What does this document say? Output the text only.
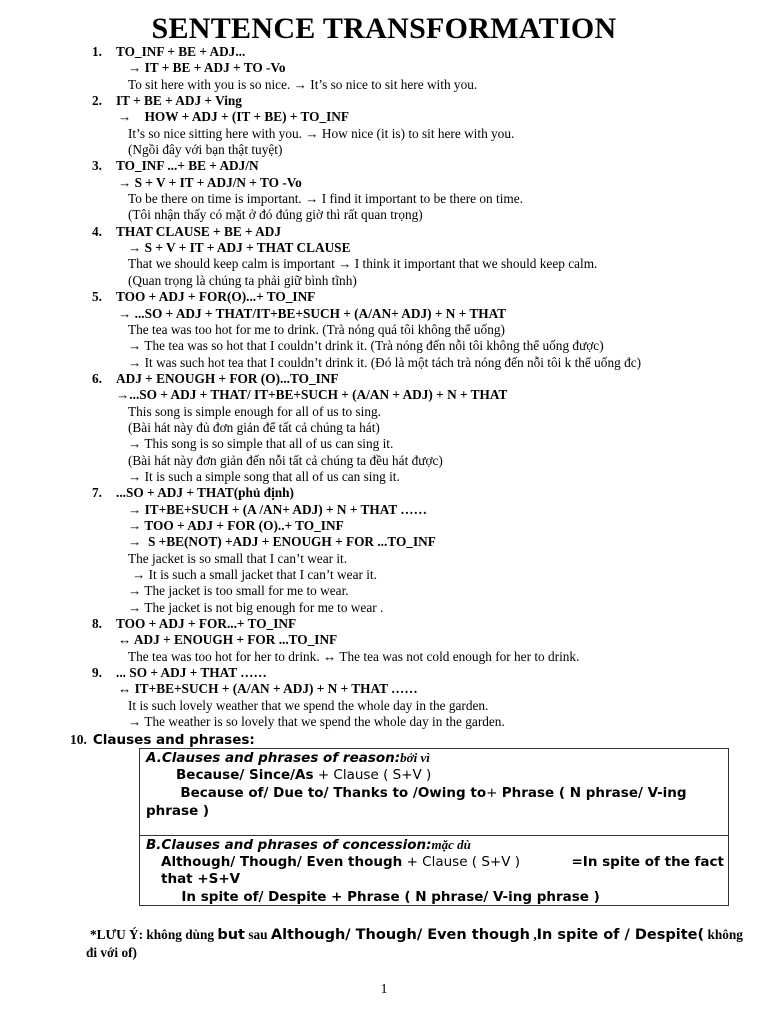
SENTENCE TRANSFORMATION
1. TO_INF + BE + ADJ...
→ IT + BE + ADJ + TO -Vo
To sit here with you is so nice. → It’s so nice to sit here with you.
2. IT + BE + ADJ + Ving
→ HOW + ADJ + (IT + BE) + TO_INF
It’s so nice sitting here with you. → How nice (it is) to sit here with you.
(Ngồi đây với bạn thật tuyệt)
3. TO_INF ...+ BE + ADJ/N
→ S + V + IT + ADJ/N + TO -Vo
To be there on time is important. → I find it important to be there on time.
(Tôi nhận thấy có mặt ở đó đúng giờ thì rất quan trọng)
4. THAT CLAUSE + BE + ADJ
→ S + V + IT + ADJ + THAT CLAUSE
That we should keep calm is important → I think it important that we should keep calm.
(Quan trọng là chúng ta phải giữ bình tĩnh)
5. TOO + ADJ + FOR(O)...+ TO_INF
→ ...SO + ADJ + THAT/IT+BE+SUCH + (A/AN+ ADJ) + N + THAT
The tea was too hot for me to drink. (Trà nóng quá tôi không thể uống)
→ The tea was so hot that I couldn’t drink it. (Trà nóng đến nỗi tôi không thể uống được)
→ It was such hot tea that I couldn’t drink it. (Đó là một tách trà nóng đến nỗi tôi k thể uống đc)
6. ADJ + ENOUGH + FOR (O)...TO_INF
→...SO + ADJ + THAT/ IT+BE+SUCH + (A/AN + ADJ) + N + THAT
This song is simple enough for all of us to sing.
(Bài hát này đủ đơn giản để tất cả chúng ta hát)
→ This song is so simple that all of us can sing it.
(Bài hát này đơn giản đến nỗi tất cả chúng ta đều hát được)
→ It is such a simple song that all of us can sing it.
7. ...SO + ADJ + THAT(phủ định)
→ IT+BE+SUCH + (A /AN+ ADJ) + N + THAT ……
→ TOO + ADJ + FOR (O)..+ TO_INF
→ S +BE(NOT) +ADJ + ENOUGH + FOR ...TO_INF
The jacket is so small that I can’t wear it.
→ It is such a small jacket that I can’t wear it.
→ The jacket is too small for me to wear.
→ The jacket is not big enough for me to wear .
8. TOO + ADJ + FOR...+ TO_INF
↔ ADJ + ENOUGH + FOR ...TO_INF
The tea was too hot for her to drink. ↔ The tea was not cold enough for her to drink.
9. ... SO + ADJ + THAT ……
↔ IT+BE+SUCH + (A/AN + ADJ) + N + THAT ……
It is such lovely weather that we spend the whole day in the garden.
→ The weather is so lovely that we spend the whole day in the garden.
10. Clauses and phrases:
A.Clauses and phrases of reason:bởi vì
Because/ Since/As + Clause ( S+V )
Because of/ Due to/ Thanks to /Owing to+ Phrase ( N phrase/ V-ing
phrase )
B.Clauses and phrases of concession:mặc dù
Although/ Though/ Even though + Clause ( S+V )	=In spite of the fact
that +S+V
In spite of/ Despite + Phrase ( N phrase/ V-ing phrase )
*LƯU Ý: không dùng but sau Although/ Though/ Even though ,In spite of / Despite( không
đi với of)
1
